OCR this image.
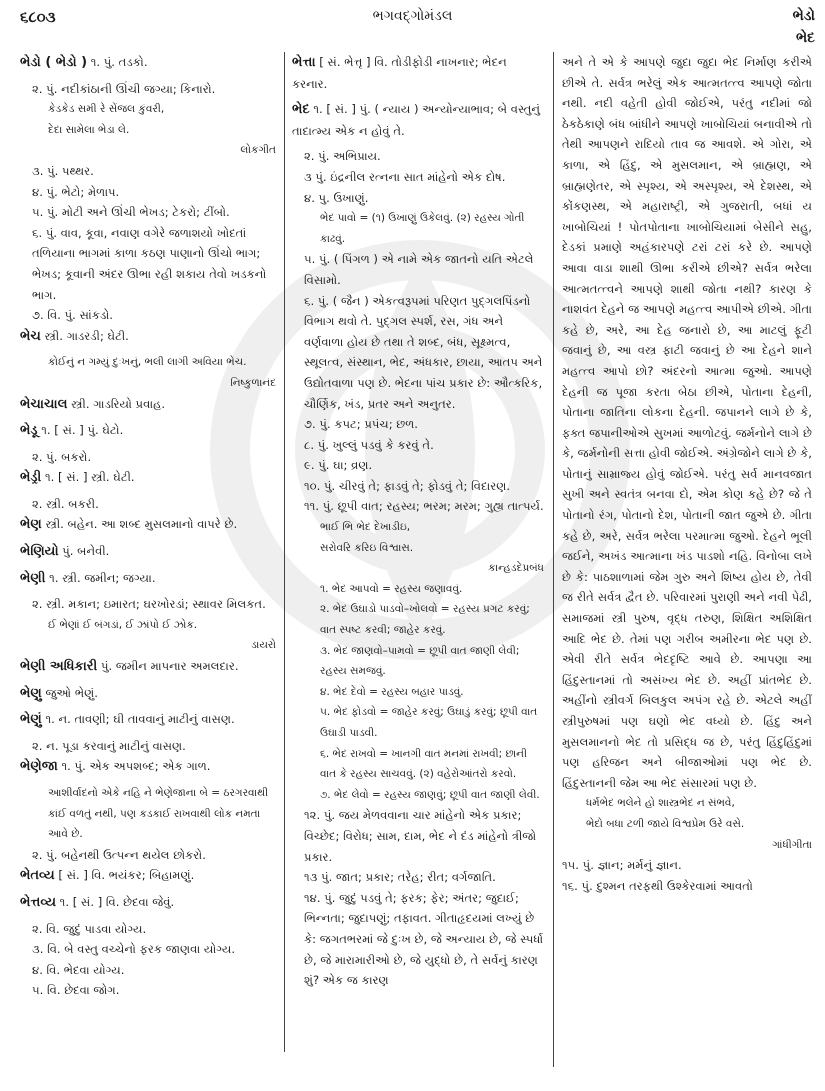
૬૮૦૩	ભગવદ્ગોમંડલ	ભેડો
ભેદ
ભેડો ( ભેડો ) ૧. પું. તડકો.
૨. પું. નદીકાંઠાની ઊંચી જગ્યા; કિનારો.
કેડકેડ સમી રે સેંજલ કુંવરી,
દેદા સામેલા ભેડા લે.
લોકગીત
૩. પું. પથ્થર.
૪. પું. ભેટો; મેળાપ.
૫. પું. મોટી અને ઊંચી ભેખડ; ટેકરો; ટીંબો.
૬. પું. વાવ, કૂવા, નવાણ વગેરે જળાશયો ખોદતાં તળિયાના ભાગમાં કાળા કઠણ પાણાનો ઊંચો ભાગ; ભેખડ; કૂવાની અંદર ઊભા રહી શકાય તેવો ખડકનો ભાગ.
૭. વિ. પું. સાંકડો.
ભેચ સ્ત્રી. ગાડરડી; ઘેટી.
કોઈનું ન ગમ્યું દુઃખનું, ભલી લાગી અવિયા ભેચ.
નિષ્કુળાનંદ
ભેચાચાલ સ્ત્રી. ગાડરિયો પ્રવાહ.
ભેડૂ ૧. [ સં. ] પું. ઘેટો.
૨. પું. બકરો.
ભેડ્રી ૧. [ સં. ] સ્ત્રી. ઘેટી.
૨. સ્ત્રી. બકરી.
ભેણ સ્ત્રી. બહેન. આ શબ્દ મુસલમાનો વાપરે છે.
ભેણિયો પું. બનેવી.
ભેણી ૧. સ્ત્રી. જમીન; જગ્યા.
૨. સ્ત્રી. મકાન; ઇમારત; ઘરખોરડાં; સ્થાવર મિલકત.
ઈ ભેણાં ઈ બંગડાં, ઈ ઝાંપો ઈ ઝોક.
ડાયરો
ભેણી અધિકારી પું. જમીન માપનાર અમલદાર.
ભેણુ જુઓ ભેણું.
ભેણું ૧. ન. તાવણી; ઘી તાવવાનું માટીનું વાસણ.
૨. ન. પૂડા કરવાનું માટીનું વાસણ.
ભેણેજા ૧. પું. એક અપશબ્દ; એક ગાળ.
આશીર્વાદનો એકે નહિ ને ભેણેજાના બે = ઠરગરવાથી કાંઈ વળતું નથી, પણ કડકાઈ રાખવાથી લોક નમતા આવે છે.
૨. પું. બહેનથી ઉત્પન્ન થયેલ છોકરો.
ભેતવ્ય [ સં. ] વિ. ભયંકર; બિહામણું.
ભેત્તવ્ય ૧. [ સં. ] વિ. છેદવા જેવું.
૨. વિ. જુદું પાડવા યોગ્ય.
૩. વિ. બે વસ્તુ વચ્ચેનો ફરક જાણવા યોગ્ય.
૪. વિ. ભેદવા યોગ્ય.
૫. વિ. છેદવા જોગ.
ભેત્તા [ સં. ભેત્તૃ ] વિ. તોડીફોડી નાખનાર; ભેદન કરનાર.
ભેદ ૧. [ સં. ] પું. ( ન્યાય ) અન્યોન્યાભાવ; બે વસ્તુનું તાદાત્મ્ય એક ન હોવું તે.
૨. પું. અભિપ્રાય.
૩ પું. ઇંદ્રનીલ રત્નના સાત માંહેનો એક દોષ.
૪. પુ. ઉખાણું.
ભેદ પાવો = (૧) ઉખાણું ઉકેલવું. (૨) રહસ્ય ગોતી કાઢવું.
૫. પું. ( પિંગળ ) એ નામે એક જાતનો યતિ એટલે વિસામો.
૬. પું. ( જૈન ) એકત્વરૂપમાં પરિણત પુદ્ગલપિંડનો વિભાગ થવો તે. પુદ્ગલ સ્પર્શ, રસ, ગંધ અને વર્ણવાળા હોય છે તથા તે શબ્દ, બંધ, સૂક્ષ્મત્વ, સ્થૂલત્વ, સંસ્થાન, ભેદ, અંધકાર, છાયા, આતપ અને ઉદ્યોતવાળા પણ છે. ભેદના પાંચ પ્રકાર છે: ઔત્કરિક, ચૌર્ણિક, ખંડ, પ્રતર અને અનુતર.
૭. પું. કપટ; પ્રપંચ; છળ.
૮. પું. ખુલ્લું પડવું કે કરવું તે.
૯. પું. ઘા; વ્રણ.
૧૦. પું. ચીરવું તે; ફાડવું તે; ફોડવું તે; વિદારણ.
૧૧. પું. છૂપી વાત; રહસ્ય; ભરમ; મરમ; ગુહ્ય તાત્પર્ય.
ભાઈ ભિ ભેદ દેખાડીઇ,
સરોવરિ કરિઇ વિશ્વાસ.
કાન્હડદેપ્રબંધ
૧. ભેદ આપવો = રહસ્ય જણાવવું.
૨. ભેદ ઉઘાડો પાડવો–ખોલવો = રહસ્ય પ્રગટ કરવું; વાત સ્પષ્ટ કરવી; જાહેર કરવું.
૩. ભેદ જાણવો–પામવો = છૂપી વાત જાણી લેવી; રહસ્ય સમજવું.
૪. ભેદ દેવો = રહસ્ય બહાર પાડવું.
૫. ભેદ ફોડવો = જાહેર કરવું; ઉઘાડું કરવું; છૂપી વાત ઉઘાડી પાડવી.
૬. ભેદ રાખવો = ખાનગી વાત મનમાં રાખવી; છાની વાત કે રહસ્ય સાચવવું. (૨) વહેરોઆંતરો કરવો.
૭. ભેદ લેવો = રહસ્ય જાણવું; છૂપી વાત જાણી લેવી.
૧૨. પું. જય મેળવવાના ચાર માંહેનો એક પ્રકાર; વિચ્છેદ; વિરોધ; સામ, દામ, ભેદ ને દંડ માંહેનો ત્રીજો પ્રકાર.
૧૩ પું. જાત; પ્રકાર; તરેહ; રીત; વર્ગજાતિ.
૧૪. પું. જુદું પડવું તે; ફરક; ફેર; અંતર; જુદાઈ; ભિન્નતા; જુદાપણું; તફાવત. ગીતાહૃદયમાં લખ્યું છે કે: જગતભરમાં જે દુઃખ છે, જે અન્યાય છે, જે સ્પર્ધા છે, જે મારામારીઓ છે, જે યુદ્ધો છે, તે સર્વનું કારણ શું? એક જ કારણ
અને તે એ કે આપણે જુદા જુદા ભેદ નિર્માણ કરીએ છીએ તે. સર્વત્ર ભરેલું એક આત્મતત્ત્વ આપણે જોતા નથી. નદી વહેતી હોવી જોઈએ, પરંતુ નદીમાં જો ઠેકઠેકાણે બંધ બાંધીને આપણે ખાબોચિયાં બનાવીએ તો તેથી આપણને રાદિયો તાવ જ આવશે. એ ગોરા, એ કાળા, એ હિંદુ, એ મુસલમાન, એ બ્રાહ્મણ, એ બ્રાહ્મણેતર, એ સ્પૃશ્ય, એ અસ્પૃશ્ય, એ દેશસ્થ, એ કોંકણસ્થ, એ મહારાષ્ટ્રી, એ ગુજરાતી, બધાં ય ખાબોચિયાં ! પોતપોતાના ખાબોચિયામાં બેસીને સહુ, દેડકાં પ્રમાણે અહંકારપણે ટરાં ટરાં કરે છે. આપણે આવા વાડા શાથી ઊભા કરીએ છીએ? સર્વત્ર ભરેલા આત્મતત્ત્વને આપણે શાથી જોતા નથી? કારણ કે નાશવંત દેહને જ આપણે મહત્ત્વ આપીએ છીએ. ગીતા કહે છે, અરે, આ દેહ જનારો છે, આ માટલું ફૂટી જવાનું છે, આ વસ્ત્ર ફાટી જવાનું છે આ દેહને શાને મહત્ત્વ આપો છો? અંદરનો આત્મા જુઓ. આપણે દેહની જ પૂજા કરતા બેઠા છીએ, પોતાના દેહની, પોતાના જાતિના લોકના દેહની. જપાનને લાગે છે કે, ફક્ત જપાનીઓએ સુખમાં આળોટવું. જર્મનોને લાગે છે કે, જર્મનોની સત્તા હોવી જોઈએ. અંગ્રેજોને લાગે છે કે, પોતાનું સામ્રાજ્ય હોવું જોઈએ. પરંતુ સર્વ માનવજાત સુખી અને સ્વતંત્ર બનવા દો, એમ કોણ કહે છે? જે તે પોતાનો રંગ, પોતાનો દેશ, પોતાની જાત જુએ છે. ગીતા કહે છે, અરે, સર્વત્ર ભરેલા પરમાત્મા જુઓ. દેહને ભૂલી જઈને, અખંડ આત્માના ખંડ પાડશો નહિ. વિનોબા લખે છે કે: પાઠશાળામાં જેમ ગુરુ અને શિષ્ય હોય છે, તેવી જ રીતે સર્વત્ર દ્વૈત છે. પરિવારમાં પુરાણી અને નવી પેઢી, સમાજમાં સ્ત્રી પુરુષ, વૃદ્ધ તરુણ, શિક્ષિત અશિક્ષિત આદિ ભેદ છે. તેમાં પણ ગરીબ અમીરના ભેદ પણ છે. એવી રીતે સર્વત્ર ભેદદૃષ્ટિ આવે છે. આપણા આ હિંદુસ્તાનમાં તો અસંખ્ય ભેદ છે. અહીં પ્રાંતભેદ છે. અહીંનો સ્ત્રીવર્ગ બિલકુલ અપંગ રહે છે. એટલે અહીં સ્ત્રીપુરુષમાં પણ ઘણો ભેદ વધ્યો છે. હિંદુ અને મુસલમાનનો ભેદ તો પ્રસિદ્ધ જ છે, પરંતુ હિંદુહિંદુમાં પણ હરિજન અને બીજાઓમાં પણ ભેદ છે. હિંદુસ્તાનની જેમ આ ભેદ સંસારમાં પણ છે.
ધર્મભેદ ભલેને હો શાસ્ત્રભેદ ન સંભવે,
ભેદો બધા ટળી જાયે વિશ્વપ્રેમ ઉરે વસે.
ગાંધીગીતા
૧૫. પું. જ્ઞાન; મર્મનું જ્ઞાન.
૧૬. પું. દુશ્મન તરફથી ઉશ્કેરવામાં આવતો
